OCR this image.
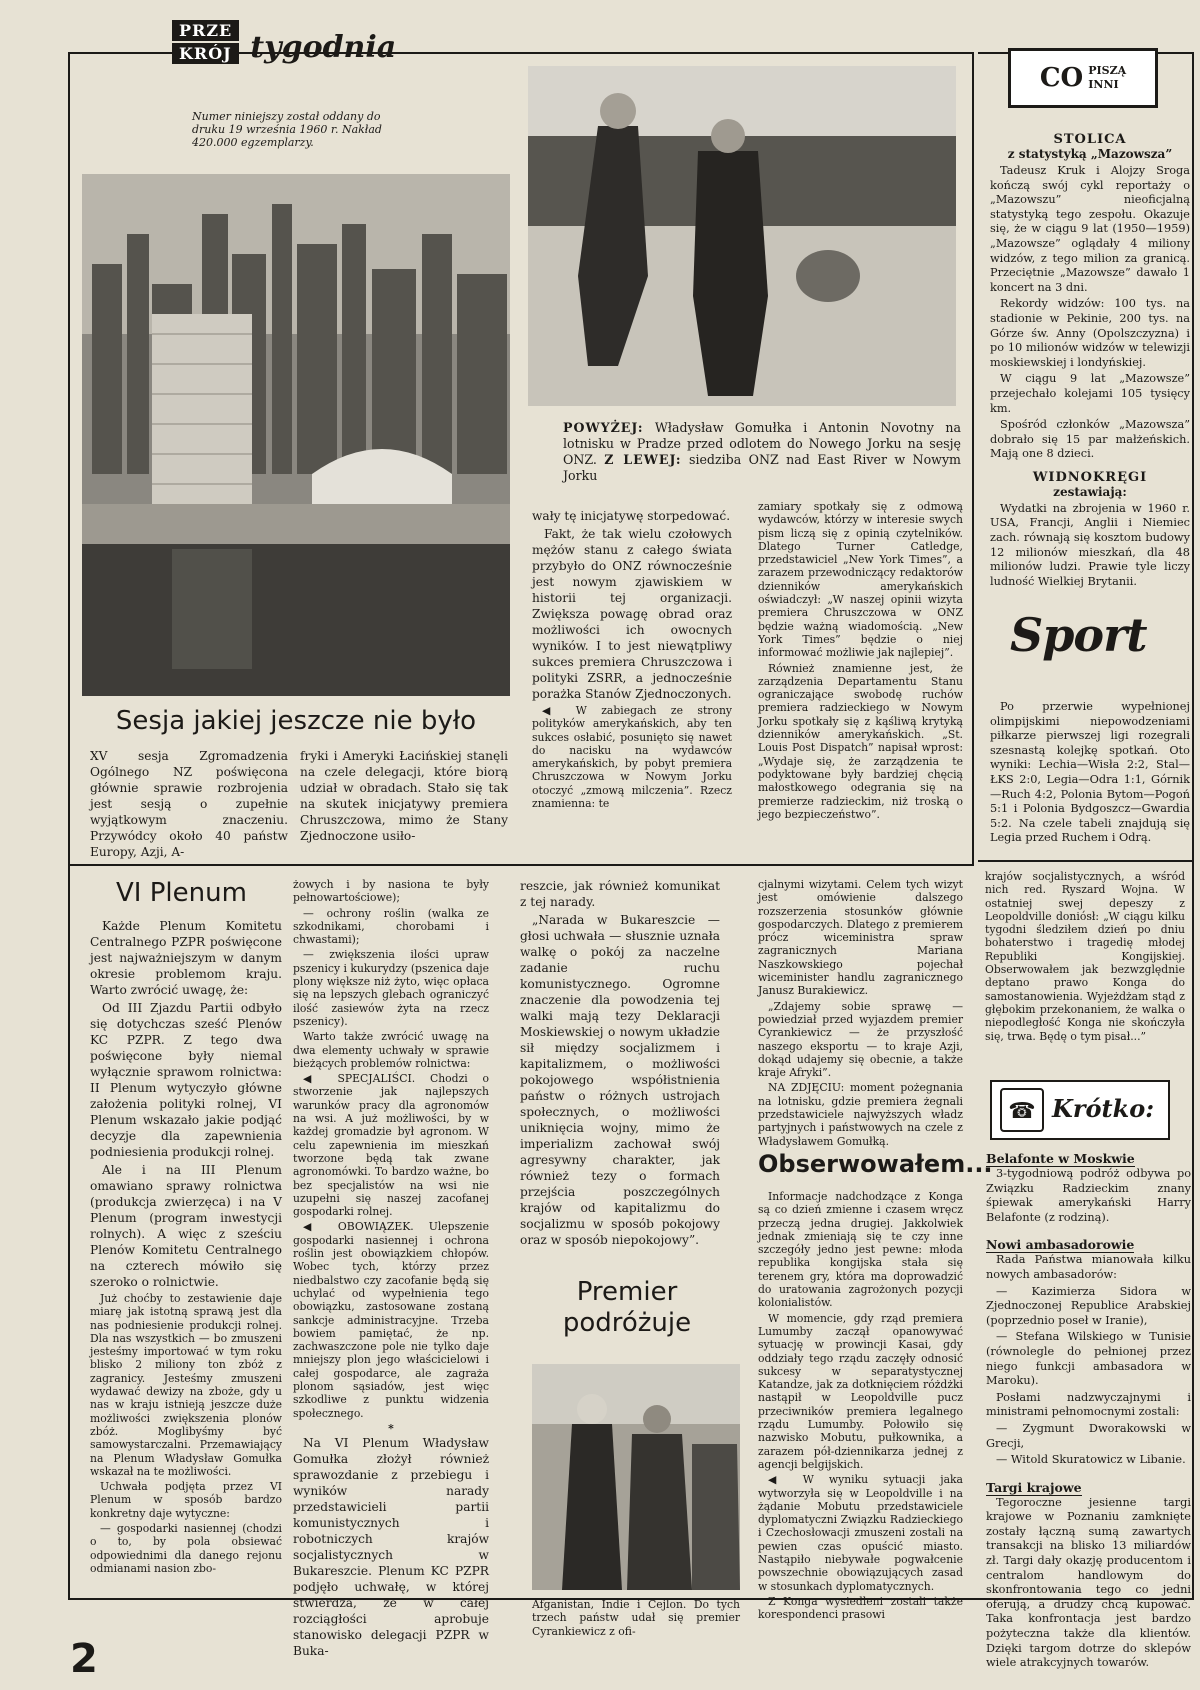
PRZE
KRÓJ tygodnia
Numer niniejszy został oddany do druku 19 września 1960 r. Nakład 420.000 egzemplarzy.
POWYŻEJ: Władysław Gomułka i Antonin Novotny na lotnisku w Pradze przed odlotem do Nowego Jorku na sesję ONZ. Z LEWEJ: siedziba ONZ nad East River w Nowym Jorku
Sesja jakiej jeszcze nie było

XV sesja Zgromadzenia Ogólnego NZ poświęcona głównie sprawie rozbrojenia jest sesją o zupełnie wyjątkowym znaczeniu. Przywódcy około 40 państw Europy, Azji, A-

fryki i Ameryki Łacińskiej stanęli na czele delegacji, które biorą udział w obradach. Stało się tak na skutek inicjatywy premiera Chruszczowa, mimo że Stany Zjednoczone usiło-

wały tę inicjatywę storpedować.

Fakt, że tak wielu czołowych mężów stanu z całego świata przybyło do ONZ równocześnie jest nowym zjawiskiem w historii tej organizacji. Zwiększa powagę obrad oraz możliwości ich owocnych wyników. I to jest niewątpliwy sukces premiera Chruszczowa i polityki ZSRR, a jednocześnie porażka Stanów Zjednoczonych.

◀ W zabiegach ze strony polityków amerykańskich, aby ten sukces osłabić, posunięto się nawet do nacisku na wydawców amerykańskich, by pobyt premiera Chruszczowa w Nowym Jorku otoczyć „zmową milczenia”. Rzecz znamienna: te

zamiary spotkały się z odmową wydawców, którzy w interesie swych pism liczą się z opinią czytelników. Dlatego Turner Catledge, przedstawiciel „New York Times”, a zarazem przewodniczący redaktorów dzienników amerykańskich oświadczył: „W naszej opinii wizyta premiera Chruszczowa w ONZ będzie ważną wiadomością. „New York Times” będzie o niej informować możliwie jak najlepiej”.

Również znamienne jest, że zarządzenia Departamentu Stanu ograniczające swobodę ruchów premiera radzieckiego w Nowym Jorku spotkały się z kąśliwą krytyką dzienników amerykańskich. „St. Louis Post Dispatch” napisał wprost: „Wydaje się, że zarządzenia te podyktowane były bardziej chęcią małostkowego odegrania się na premierze radzieckim, niż troską o jego bezpieczeństwo”.

VI Plenum

Każde Plenum Komitetu Centralnego PZPR poświęcone jest najważniejszym w danym okresie problemom kraju. Warto zwrócić uwagę, że:

Od III Zjazdu Partii odbyło się dotychczas sześć Plenów KC PZPR. Z tego dwa poświęcone były niemal wyłącznie sprawom rolnictwa: II Plenum wytyczyło główne założenia polityki rolnej, VI Plenum wskazało jakie podjąć decyzje dla zapewnienia podniesienia produkcji rolnej.

Ale i na III Plenum omawiano sprawy rolnictwa (produkcja zwierzęca) i na V Plenum (program inwestycji rolnych). A więc z sześciu Plenów Komitetu Centralnego na czterech mówiło się szeroko o rolnictwie.

Już choćby to zestawienie daje miarę jak istotną sprawą jest dla nas podniesienie produkcji rolnej. Dla nas wszystkich — bo zmuszeni jesteśmy importować w tym roku blisko 2 miliony ton zbóż z zagranicy. Jesteśmy zmuszeni wydawać dewizy na zboże, gdy u nas w kraju istnieją jeszcze duże możliwości zwiększenia plonów zbóż. Moglibyśmy być samowystarczalni. Przemawiający na Plenum Władysław Gomułka wskazał na te możliwości.

Uchwała podjęta przez VI Plenum w sposób bardzo konkretny daje wytyczne:

— gospodarki nasiennej (chodzi o to, by pola obsiewać odpowiednimi dla danego rejonu odmianami nasion zbo-

żowych i by nasiona te były pełnowartościowe);

— ochrony roślin (walka ze szkodnikami, chorobami i chwastami);

— zwiększenia ilości upraw pszenicy i kukurydzy (pszenica daje plony większe niż żyto, więc opłaca się na lepszych glebach ograniczyć ilość zasiewów żyta na rzecz pszenicy).

Warto także zwrócić uwagę na dwa elementy uchwały w sprawie bieżących problemów rolnictwa:

◀ SPECJALIŚCI. Chodzi o stworzenie jak najlepszych warunków pracy dla agronomów na wsi. A już możliwości, by w każdej gromadzie był agronom. W celu zapewnienia im mieszkań tworzone będą tak zwane agronomówki. To bardzo ważne, bo bez specjalistów na wsi nie uzupełni się naszej zacofanej gospodarki rolnej.

◀ OBOWIĄZEK. Ulepszenie gospodarki nasiennej i ochrona roślin jest obowiązkiem chłopów. Wobec tych, którzy przez niedbalstwo czy zacofanie będą się uchylać od wypełnienia tego obowiązku, zastosowane zostaną sankcje administracyjne. Trzeba bowiem pamiętać, że np. zachwaszczone pole nie tylko daje mniejszy plon jego właścicielowi i całej gospodarce, ale zagraża plonom sąsiadów, jest więc szkodliwe z punktu widzenia społecznego.

*

Na VI Plenum Władysław Gomułka złożył również sprawozdanie z przebiegu i wyników narady przedstawicieli partii komunistycznych i robotniczych krajów socjalistycznych w Bukareszcie. Plenum KC PZPR podjęło uchwałę, w której stwierdza, że w całej rozciągłości aprobuje stanowisko delegacji PZPR w Buka-

reszcie, jak również komunikat z tej narady.

„Narada w Bukareszcie — głosi uchwała — słusznie uznała walkę o pokój za naczelne zadanie ruchu komunistycznego. Ogromne znaczenie dla powodzenia tej walki mają tezy Deklaracji Moskiewskiej o nowym układzie sił między socjalizmem i kapitalizmem, o możliwości pokojowego współistnienia państw o różnych ustrojach społecznych, o możliwości uniknięcia wojny, mimo że imperializm zachował swój agresywny charakter, jak również tezy o formach przejścia poszczególnych krajów od kapitalizmu do socjalizmu w sposób pokojowy oraz w sposób niepokojowy”.

Premier
podróżuje
Afganistan, Indie i Cejlon. Do tych trzech państw udał się premier Cyrankiewicz z ofi-

cjalnymi wizytami. Celem tych wizyt jest omówienie dalszego rozszerzenia stosunków głównie gospodarczych. Dlatego z premierem prócz wiceministra spraw zagranicznych Mariana Naszkowskiego pojechał wiceminister handlu zagranicznego Janusz Burakiewicz.

„Zdajemy sobie sprawę — powiedział przed wyjazdem premier Cyrankiewicz — że przyszłość naszego eksportu — to kraje Azji, dokąd udajemy się obecnie, a także kraje Afryki”.

NA ZDJĘCIU: moment pożegnania na lotnisku, gdzie premiera żegnali przedstawiciele najwyższych władz partyjnych i państwowych na czele z Władysławem Gomułką.

Obserwowałem...

Informacje nadchodzące z Konga są co dzień zmienne i czasem wręcz przeczą jedna drugiej. Jakkolwiek jednak zmieniają się te czy inne szczegóły jedno jest pewne: młoda republika kongijska stała się terenem gry, która ma doprowadzić do uratowania zagrożonych pozycji kolonialistów.

W momencie, gdy rząd premiera Lumumby zaczął opanowywać sytuację w prowincji Kasai, gdy oddziały tego rządu zaczęły odnosić sukcesy w separatystycznej Katandze, jak za dotknięciem różdżki nastąpił w Leopoldville pucz przeciwników premiera legalnego rządu Lumumby. Połowiło się nazwisko Mobutu, pułkownika, a zarazem pół-dziennikarza jednej z agencji belgijskich.

◀ W wyniku sytuacji jaka wytworzyła się w Leopoldville i na żądanie Mobutu przedstawiciele dyplomatyczni Związku Radzieckiego i Czechosłowacji zmuszeni zostali na pewien czas opuścić miasto. Nastąpiło niebywałe pogwałcenie powszechnie obowiązujących zasad w stosunkach dyplomatycznych.

Z Konga wysiedleni zostali także korespondenci prasowi

krajów socjalistycznych, a wśród nich red. Ryszard Wojna. W ostatniej swej depeszy z Leopoldville doniósł: „W ciągu kilku tygodni śledziłem dzień po dniu bohaterstwo i tragedię młodej Republiki Kongijskiej. Obserwowałem jak bezwzględnie deptano prawo Konga do samostanowienia. Wyjeżdżam stąd z głębokim przekonaniem, że walka o niepodległość Konga nie skończyła się, trwa. Będę o tym pisał...”

CO PISZĄ
INNI
STOLICA
z statystyką „Mazowsza”

Tadeusz Kruk i Alojzy Sroga kończą swój cykl reportaży o „Mazowszu” nieoficjalną statystyką tego zespołu. Okazuje się, że w ciągu 9 lat (1950—1959) „Mazowsze” oglądały 4 miliony widzów, z tego milion za granicą. Przeciętnie „Mazowsze” dawało 1 koncert na 3 dni.

Rekordy widzów: 100 tys. na stadionie w Pekinie, 200 tys. na Górze św. Anny (Opolszczyzna) i po 10 milionów widzów w telewizji moskiewskiej i londyńskiej.

W ciągu 9 lat „Mazowsze” przejechało kolejami 105 tysięcy km.

Spośród członków „Mazowsza” dobrało się 15 par małżeńskich. Mają one 8 dzieci.

WIDNOKRĘGI
zestawiają:

Wydatki na zbrojenia w 1960 r. USA, Francji, Anglii i Niemiec zach. równają się kosztom budowy 12 milionów mieszkań, dla 48 milionów ludzi. Prawie tyle liczy ludność Wielkiej Brytanii.

Sport

Po przerwie wypełnionej olimpijskimi niepowodzeniami piłkarze pierwszej ligi rozegrali szesnastą kolejkę spotkań. Oto wyniki: Lechia—Wisła 2:2, Stal—ŁKS 2:0, Legia—Odra 1:1, Górnik—Ruch 4:2, Polonia Bytom—Pogoń 5:1 i Polonia Bydgoszcz—Gwardia 5:2. Na czele tabeli znajdują się Legia przed Ruchem i Odrą.

☎ Krótko:
Belafonte w Moskwie

3-tygodniową podróż odbywa po Związku Radzieckim znany śpiewak amerykański Harry Belafonte (z rodziną).

Nowi ambasadorowie

Rada Państwa mianowała kilku nowych ambasadorów:

— Kazimierza Sidora w Zjednoczonej Republice Arabskiej (poprzednio poseł w Iranie),

— Stefana Wilskiego w Tunisie (równolegle do pełnionej przez niego funkcji ambasadora w Maroku).

Posłami nadzwyczajnymi i ministrami pełnomocnymi zostali:

— Zygmunt Dworakowski w Grecji,

— Witold Skuratowicz w Libanie.

Targi krajowe

Tegoroczne jesienne targi krajowe w Poznaniu zamknięte zostały łączną sumą zawartych transakcji na blisko 13 miliardów zł. Targi dały okazję producentom i centralom handlowym do skonfrontowania tego co jedni oferują, a drudzy chcą kupować. Taka konfrontacja jest bardzo pożyteczna także dla klientów. Dzięki targom dotrze do sklepów wiele atrakcyjnych towarów.

2
